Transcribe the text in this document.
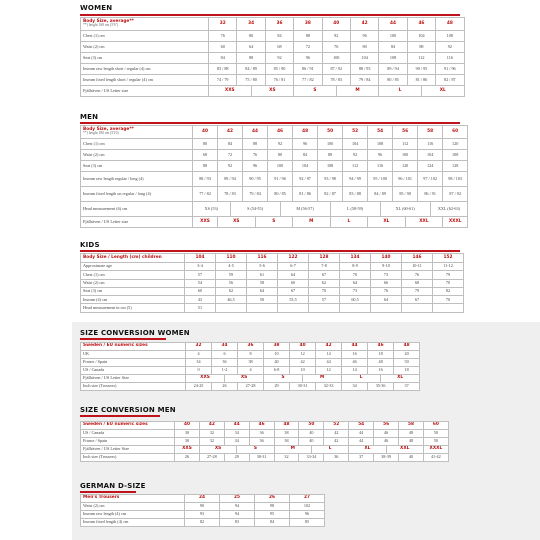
WOMEN
Body Size, average**
**) height 168 cm (5'6")	32	34		36	38	40		42	44	46		48
Chest (1) cm	76	80		84	88	92		96	100	104		108
Waist (2) cm	60	64		68	72	76		80	84	88		92
Seat (3) cm	84	88		92	96	100		104	108	112		116
Inseam raw length short / regular (4) cm	83 / 88	84 / 89		85 / 90	86 / 91	87 / 92		88 / 93	89 / 94	90 / 95		91 / 96
Inseam fixed length short / regular (4) cm	74 / 79	75 / 80		76 / 81	77 / 82	78 / 83		79 / 84	80 / 85	81 / 86		82 / 87
Fjällräven / US Letter size	XXS		XS		S		M		L		XL	
MEN
Body Size, average**
**) height 180 cm (5'10)	40	42		44		46		48	50		52	54		56		58		60
Chest (1) cm	80	84		88		92		96	100		104	108		112		116		120
Waist (2) cm	68	72		76		80		84	88		92	96		100		104		108
Seat (3) cm	88	92		96		100		104	108		112	116		120		124		128
Inseam raw length regular / long (4)	88 / 93	89 / 94		90 / 95		91 / 96		92 / 97	93 / 98		94 / 99	95 / 100		96 / 101		97 / 102		98 / 103
Inseam fixed length on regular / long (4)	77 / 82	78 / 83		79 / 84		80 / 85		81 / 86	82 / 87		83 / 88	84 / 89		85 / 90		86 / 91		87 / 92
Head measurement (6) cm	XS (53)		S (54-55)				M (56-57)			L (58-59)			XL (60-61)				XXL (62-63)	
Fjällräven / US Letter size	XXS	XS			S			M		L		XL			XXL			XXXL
KIDS
Body Size / Length (cm) children	104	110	116	122	128	134	140	146	152
Approximate age	3-4	4-5	5-6	6-7	7-8	8-9	9-10	10-11	11-12
Chest (1) cm	57	59	61	64	67	70	73	76	79
Waist (2) cm	54	56	58	60	62	64	66	68	70
Seat (3) cm	60	62	64	67	70	73	76	79	82
Inseam (4) cm	43	46,5	50	53,5	57	60,5	64	67	70
Head measurement in cm (5)	51								
SIZE CONVERSION WOMEN
Sweden / EU numeric sizes	32	34		36	38	40		42	44	46		48
UK	4	6		8	10	12		14	16	18		20
France / Spain	34	36		38	40	42		44	46	48		50
US / Canada	0	1-2		4	6-8	10		12	14	16		18
Fjällräven / US Letter Size	XXS		XS		S		M		L		XL	
Inch size (Trousers)	24-25	26		27-28	29	30-31		32-33	34	35-36		37
SIZE CONVERSION MEN
Sweden / EU numeric sizes	40	42	44		46	48	50		52	54	56		58	60
US / Canada	30	32	34		36	38	40		42	44	46		48	50
France / Spain	30	32	34		36	38	40		42	44	46		48	50
Fjällräven / US Letter Size	XXS	XS		S		M		L		XL		XXL		XXXL
Inch size (Trousers)	26	27-28	29		30-31	32	33-34		36	37	38-39		40	41-42
GERMAN D-SIZE
Men's Trousers	24	25	26	27
Waist (2) cm	90	94	98	102
Inseam raw length (4) cm	93	94	95	96
Inseam fixed length (4) cm	82	83	84	85
